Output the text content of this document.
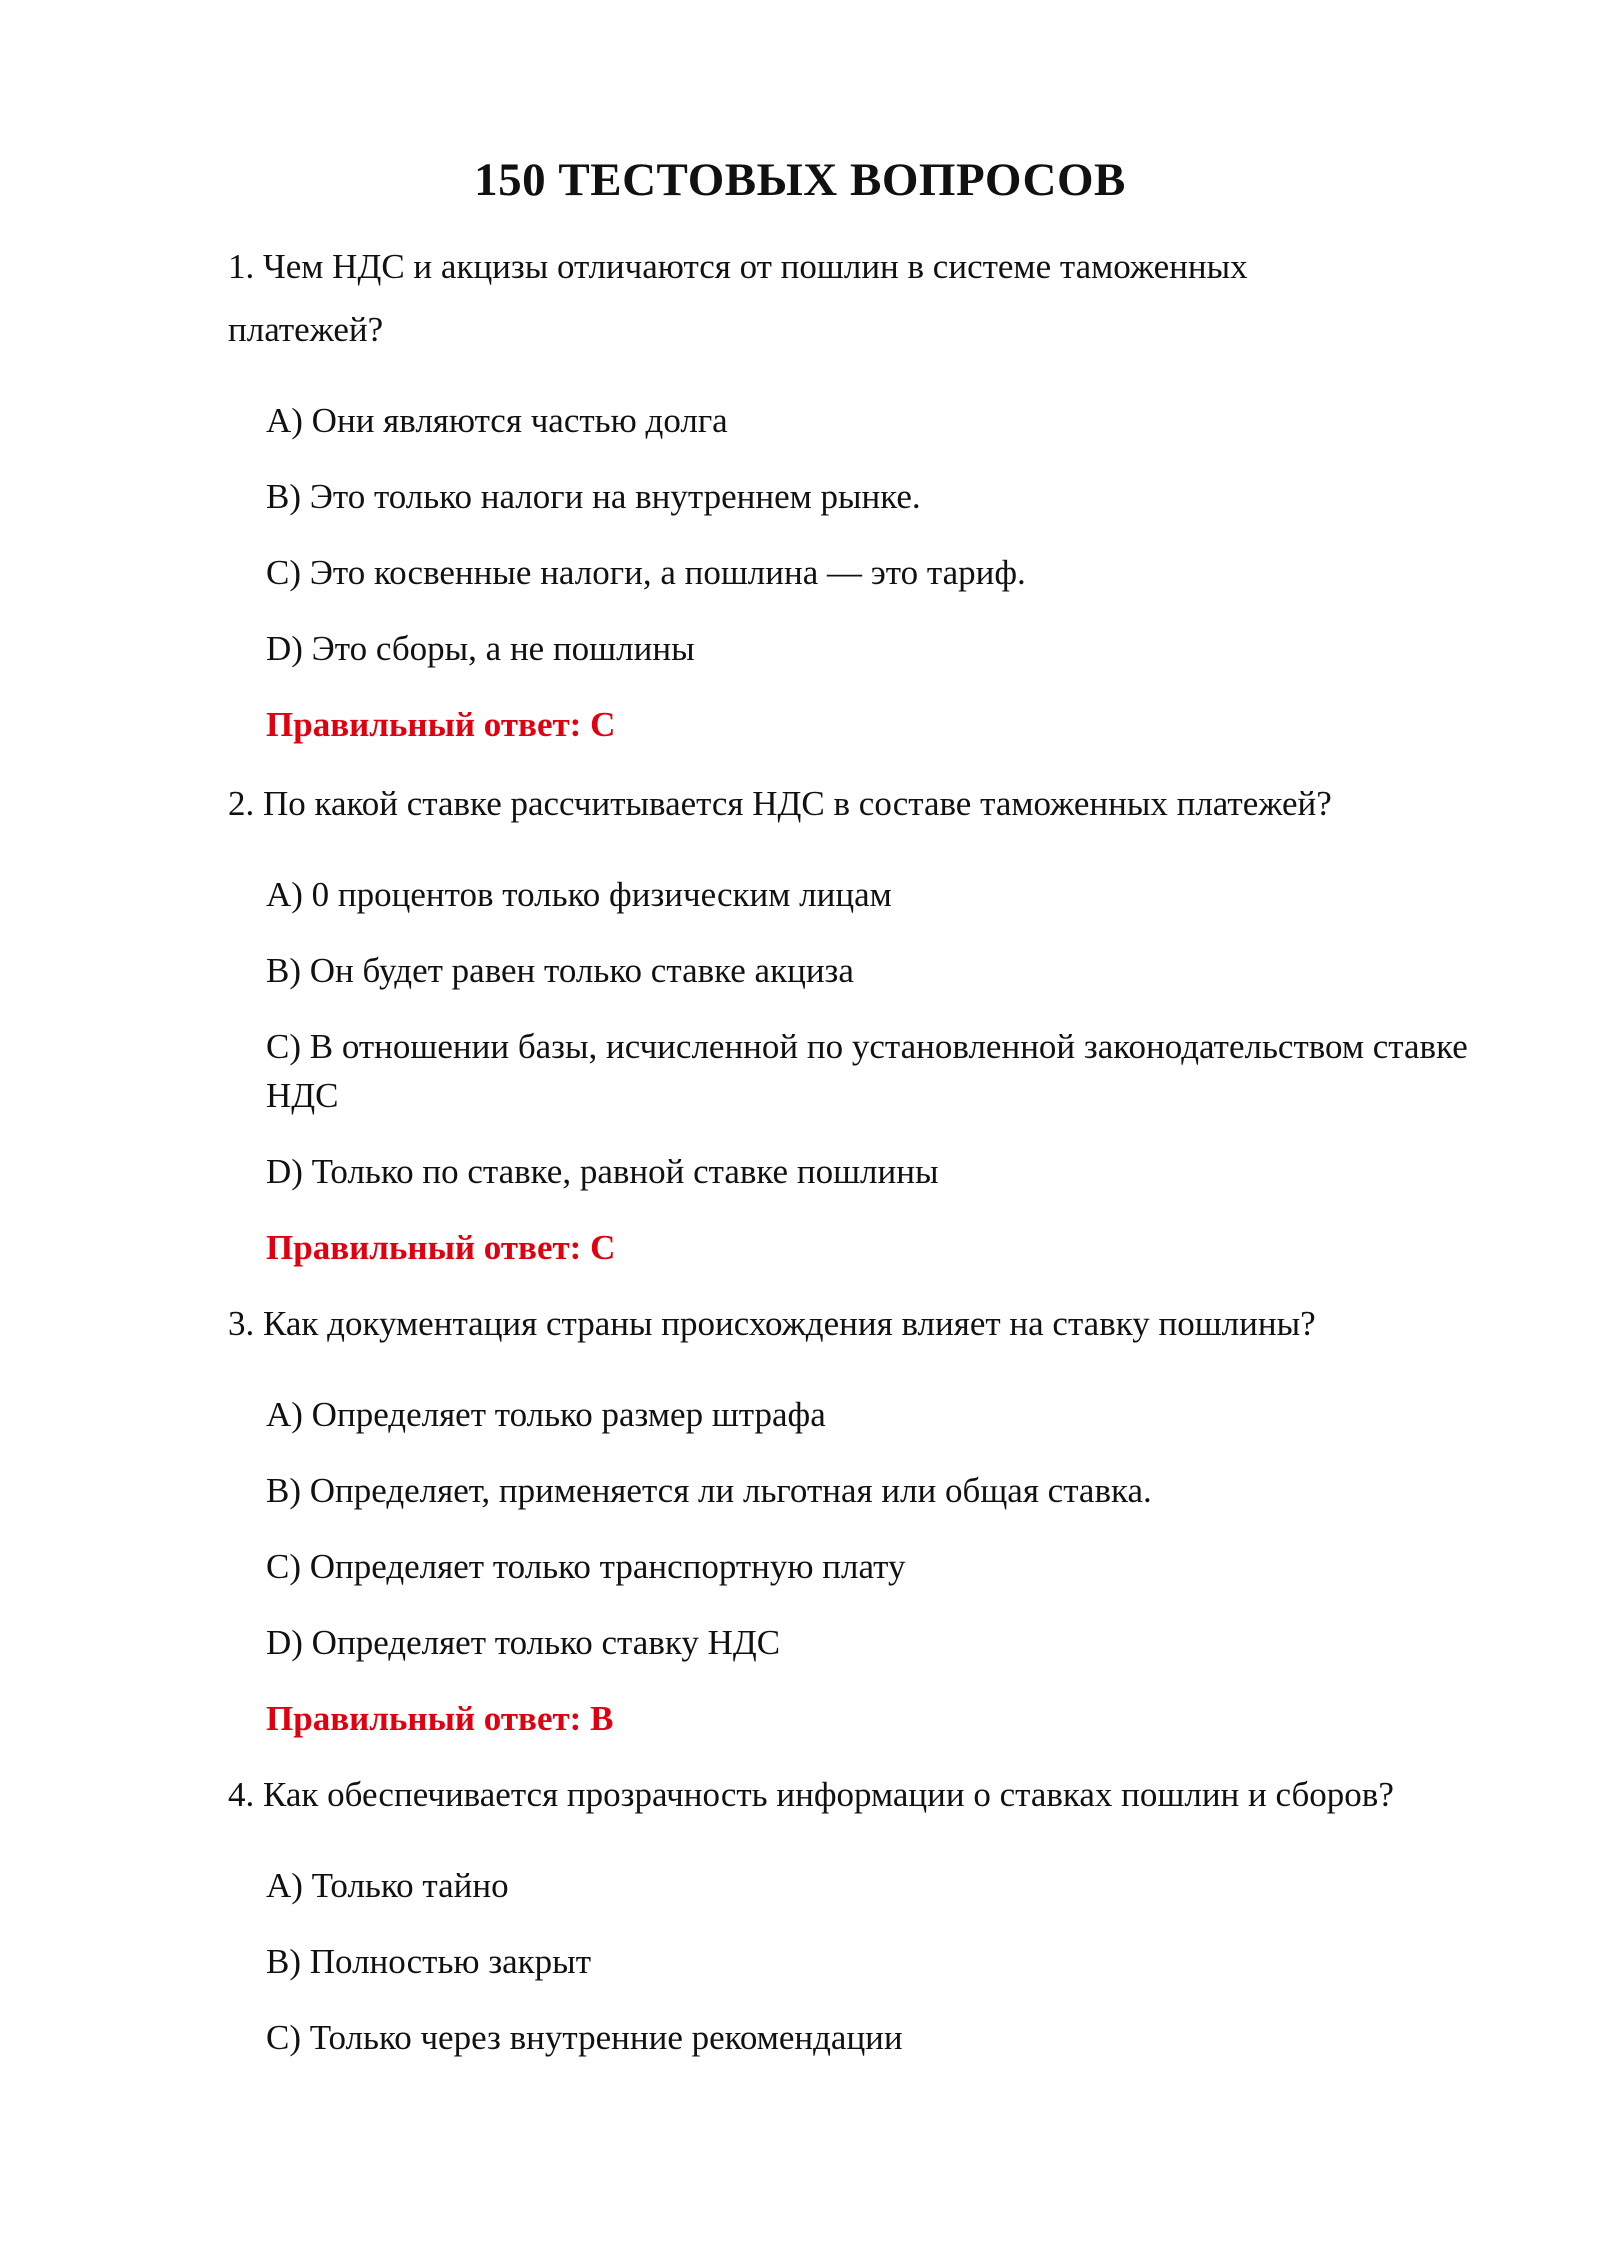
150 ТЕСТОВЫХ ВОПРОСОВ
1. Чем НДС и акцизы отличаются от пошлин в системе таможенных
платежей?
A) Они являются частью долга
B) Это только налоги на внутреннем рынке.
C) Это косвенные налоги, а пошлина — это тариф.
D) Это сборы, а не пошлины
Правильный ответ: C
2. По какой ставке рассчитывается НДС в составе таможенных платежей?
A) 0 процентов только физическим лицам
B) Он будет равен только ставке акциза
C) В отношении базы, исчисленной по установленной законодательством ставке НДС
D) Только по ставке, равной ставке пошлины
Правильный ответ: C
3. Как документация страны происхождения влияет на ставку пошлины?
A) Определяет только размер штрафа
B) Определяет, применяется ли льготная или общая ставка.
C) Определяет только транспортную плату
D) Определяет только ставку НДС
Правильный ответ: B
4. Как обеспечивается прозрачность информации о ставках пошлин и сборов?
A) Только тайно
B) Полностью закрыт
C) Только через внутренние рекомендации
